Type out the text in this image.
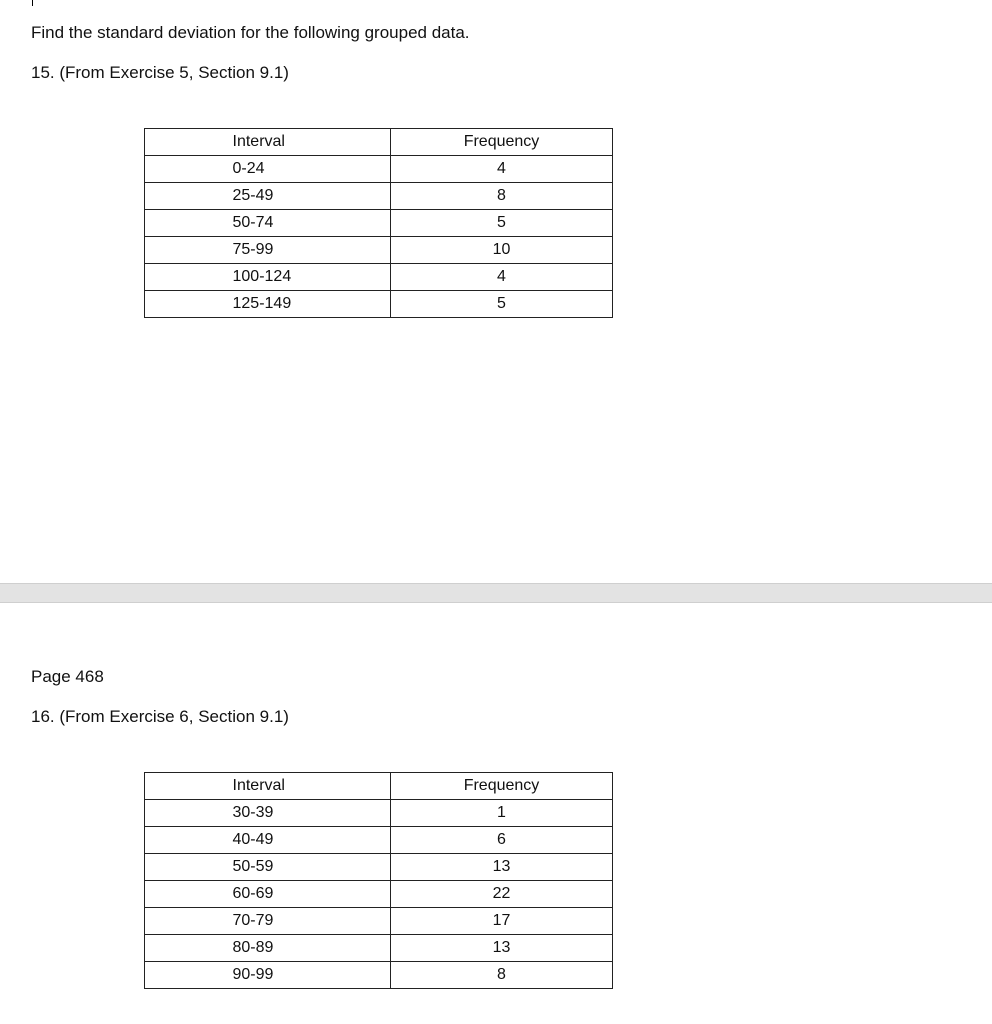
Find the standard deviation for the following grouped data.
15. (From Exercise 5, Section 9.1)
Interval	Frequency
0-24	4
25-49	8
50-74	5
75-99	10
100-124	4
125-149	5
Page 468
16. (From Exercise 6, Section 9.1)
Interval	Frequency
30-39	1
40-49	6
50-59	13
60-69	22
70-79	17
80-89	13
90-99	8
